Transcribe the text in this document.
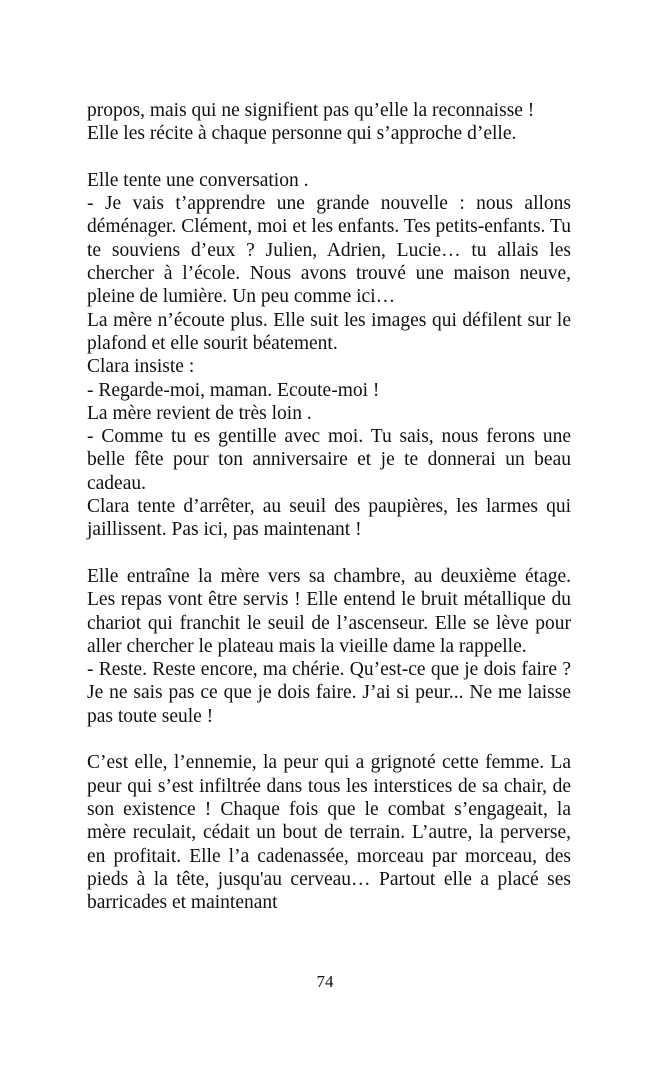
propos, mais qui ne signifient pas qu’elle la reconnaisse !
Elle les récite à chaque personne qui s’approche d’elle.
Elle tente une conversation .
- Je vais t’apprendre une grande nouvelle : nous allons déménager. Clément, moi et les enfants. Tes petits-enfants. Tu te souviens d’eux ? Julien, Adrien, Lucie… tu allais les chercher à l’école. Nous avons trouvé une maison neuve, pleine de lumière. Un peu comme ici…
La mère n’écoute plus. Elle suit les images qui défilent sur le plafond et elle sourit béatement.
Clara insiste :
- Regarde-moi, maman. Ecoute-moi !
La mère revient de très loin .
- Comme tu es gentille avec moi. Tu sais, nous ferons une belle fête pour ton anniversaire et je te donnerai un beau cadeau.
Clara tente d’arrêter, au seuil des paupières, les larmes qui jaillissent. Pas ici, pas maintenant !
Elle entraîne la mère vers sa chambre, au deuxième étage. Les repas vont être servis ! Elle entend le bruit métallique du chariot qui franchit le seuil de l’ascenseur. Elle se lève pour aller chercher le plateau mais la vieille dame la rappelle.
- Reste. Reste encore, ma chérie. Qu’est-ce que je dois faire ? Je ne sais pas ce que je dois faire. J’ai si peur... Ne me laisse pas toute seule !
C’est elle, l’ennemie, la peur qui a grignoté cette femme. La peur qui s’est infiltrée dans tous les interstices de sa chair, de son existence ! Chaque fois que le combat s’engageait, la mère reculait, cédait un bout de terrain. L’autre, la perverse, en profitait. Elle l’a cadenassée, morceau par morceau, des pieds à la tête, jusqu'au cerveau… Partout elle a placé ses barricades et maintenant
74
